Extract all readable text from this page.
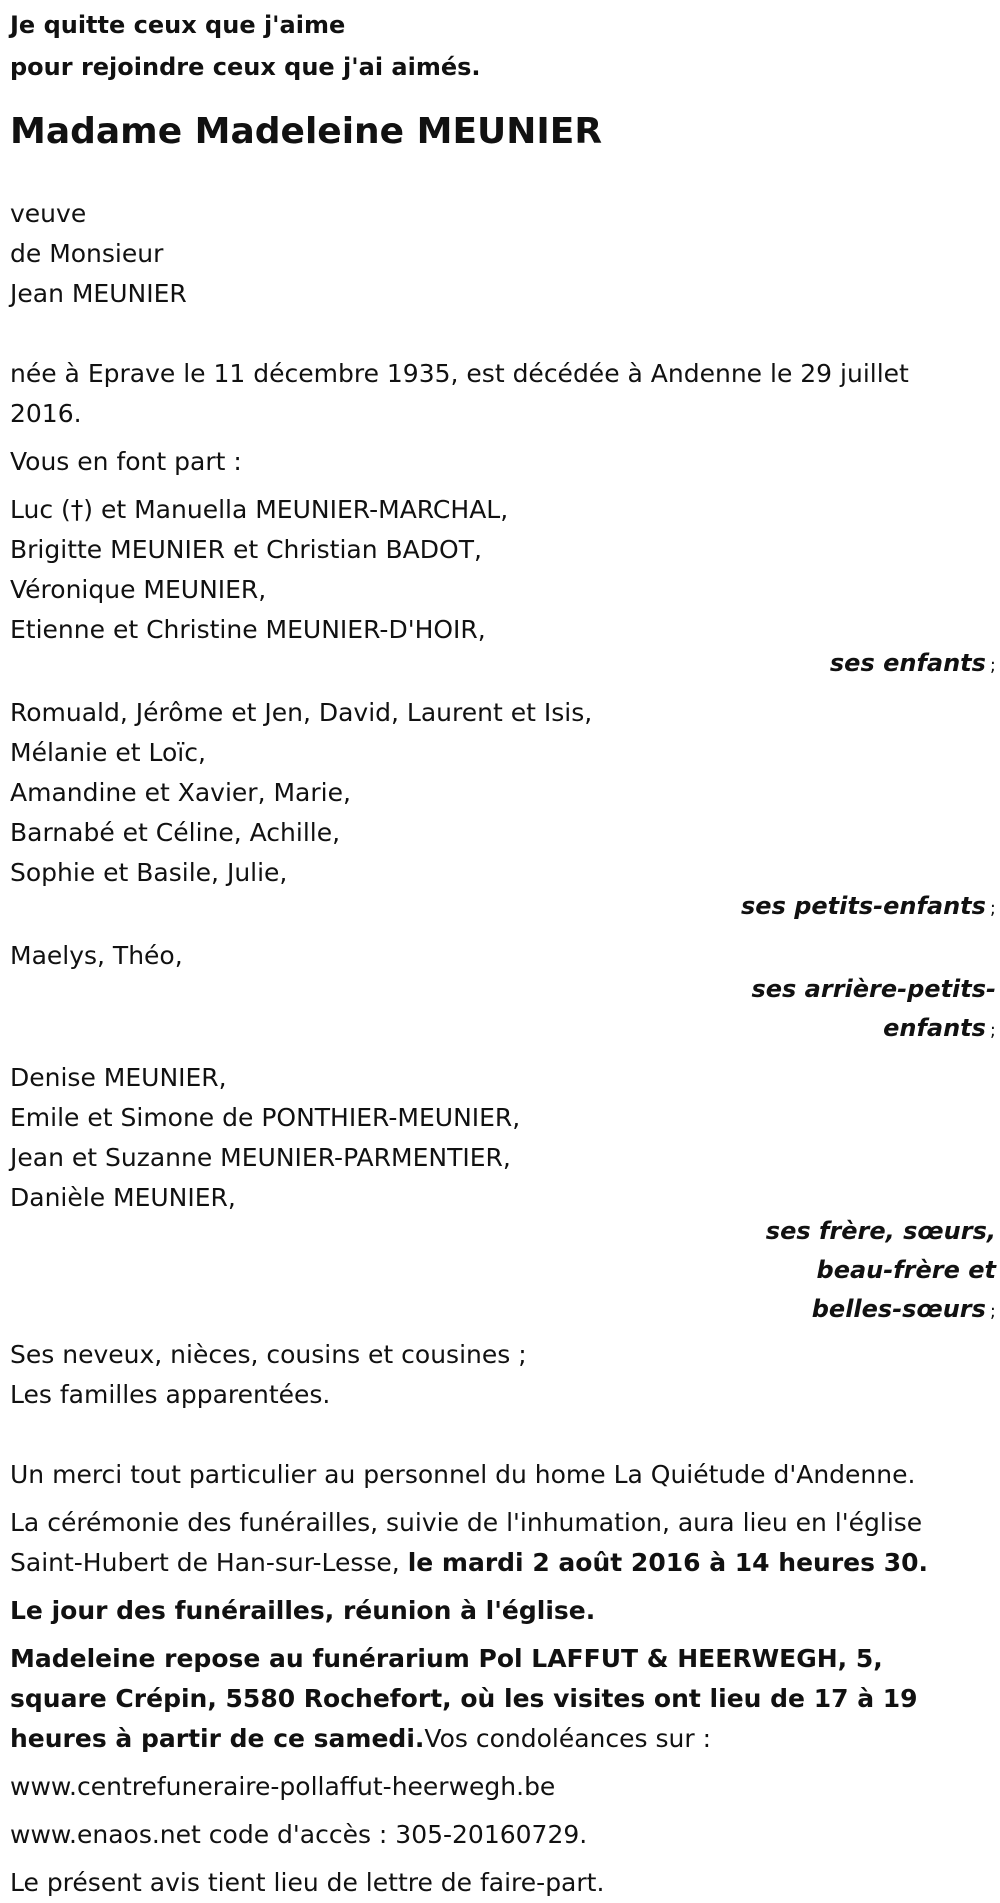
Je quitte ceux que j'aime
pour rejoindre ceux que j'ai aimés.
Madame Madeleine MEUNIER
veuve
de Monsieur
Jean MEUNIER
née à Eprave le 11 décembre 1935, est décédée à Andenne le 29 juillet 2016.
Vous en font part :
Luc (†) et Manuella MEUNIER-MARCHAL,
Brigitte MEUNIER et Christian BADOT,
Véronique MEUNIER,
Etienne et Christine MEUNIER-D'HOIR,
ses enfants ;
Romuald, Jérôme et Jen, David, Laurent et Isis,
Mélanie et Loïc,
Amandine et Xavier, Marie,
Barnabé et Céline, Achille,
Sophie et Basile, Julie,
ses petits-enfants ;
Maelys, Théo,
ses arrière-petits-
enfants ;
Denise MEUNIER,
Emile et Simone de PONTHIER-MEUNIER,
Jean et Suzanne MEUNIER-PARMENTIER,
Danièle MEUNIER,
ses frère, sœurs,
beau-frère et
belles-sœurs ;
Ses neveux, nièces, cousins et cousines ;
Les familles apparentées.
Un merci tout particulier au personnel du home La Quiétude d'Andenne.
La cérémonie des funérailles, suivie de l'inhumation, aura lieu en l'église Saint-Hubert de Han-sur-Lesse, le mardi 2 août 2016 à 14 heures 30.
Le jour des funérailles, réunion à l'église.
Madeleine repose au funérarium Pol LAFFUT & HEERWEGH, 5, square Crépin, 5580 Rochefort, où les visites ont lieu de 17 à 19 heures à partir de ce samedi.Vos condoléances sur :
www.centrefuneraire-pollaffut-heerwegh.be
www.enaos.net code d'accès : 305-20160729.
Le présent avis tient lieu de lettre de faire-part.
